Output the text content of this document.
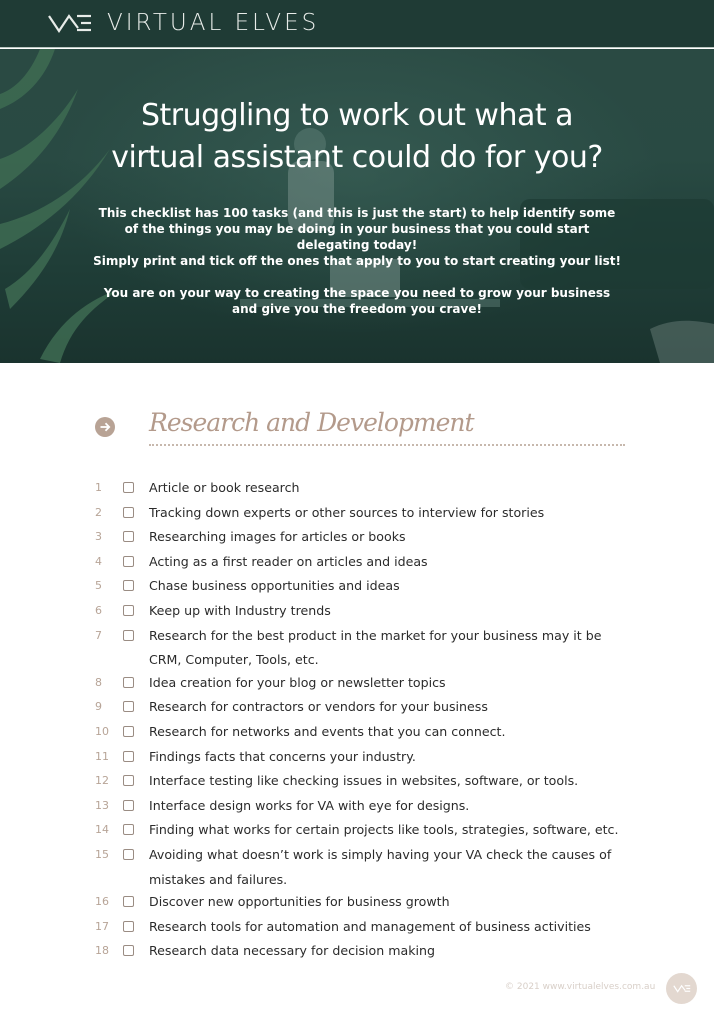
VIRTUAL ELVES
Struggling to work out what a
virtual assistant could do for you?

This checklist has 100 tasks (and this is just the start) to help identify some of the things you may be doing in your business that you could start delegating today!

Simply print and tick off the ones that apply to you to start creating your list!

You are on your way to creating the space you need to grow your business and give you the freedom you crave!

Research and Development
1	Article or book research
2	Tracking down experts or other sources to interview for stories
3	Researching images for articles or books
4	Acting as a first reader on articles and ideas
5	Chase business opportunities and ideas
6	Keep up with Industry trends
7	Research for the best product in the market for your business may it be CRM, Computer, Tools, etc.
8	Idea creation for your blog or newsletter topics
9	Research for contractors or vendors for your business
10	Research for networks and events that you can connect.
11	Findings facts that concerns your industry.
12	Interface testing like checking issues in websites, software, or tools.
13	Interface design works for VA with eye for designs.
14	Finding what works for certain projects like tools, strategies, software, etc.
15	Avoiding what doesn’t work is simply having your VA check the causes of mistakes and failures.
16	Discover new opportunities for business growth
17	Research tools for automation and management of business activities
18	Research data necessary for decision making
© 2021 www.virtualelves.com.au
